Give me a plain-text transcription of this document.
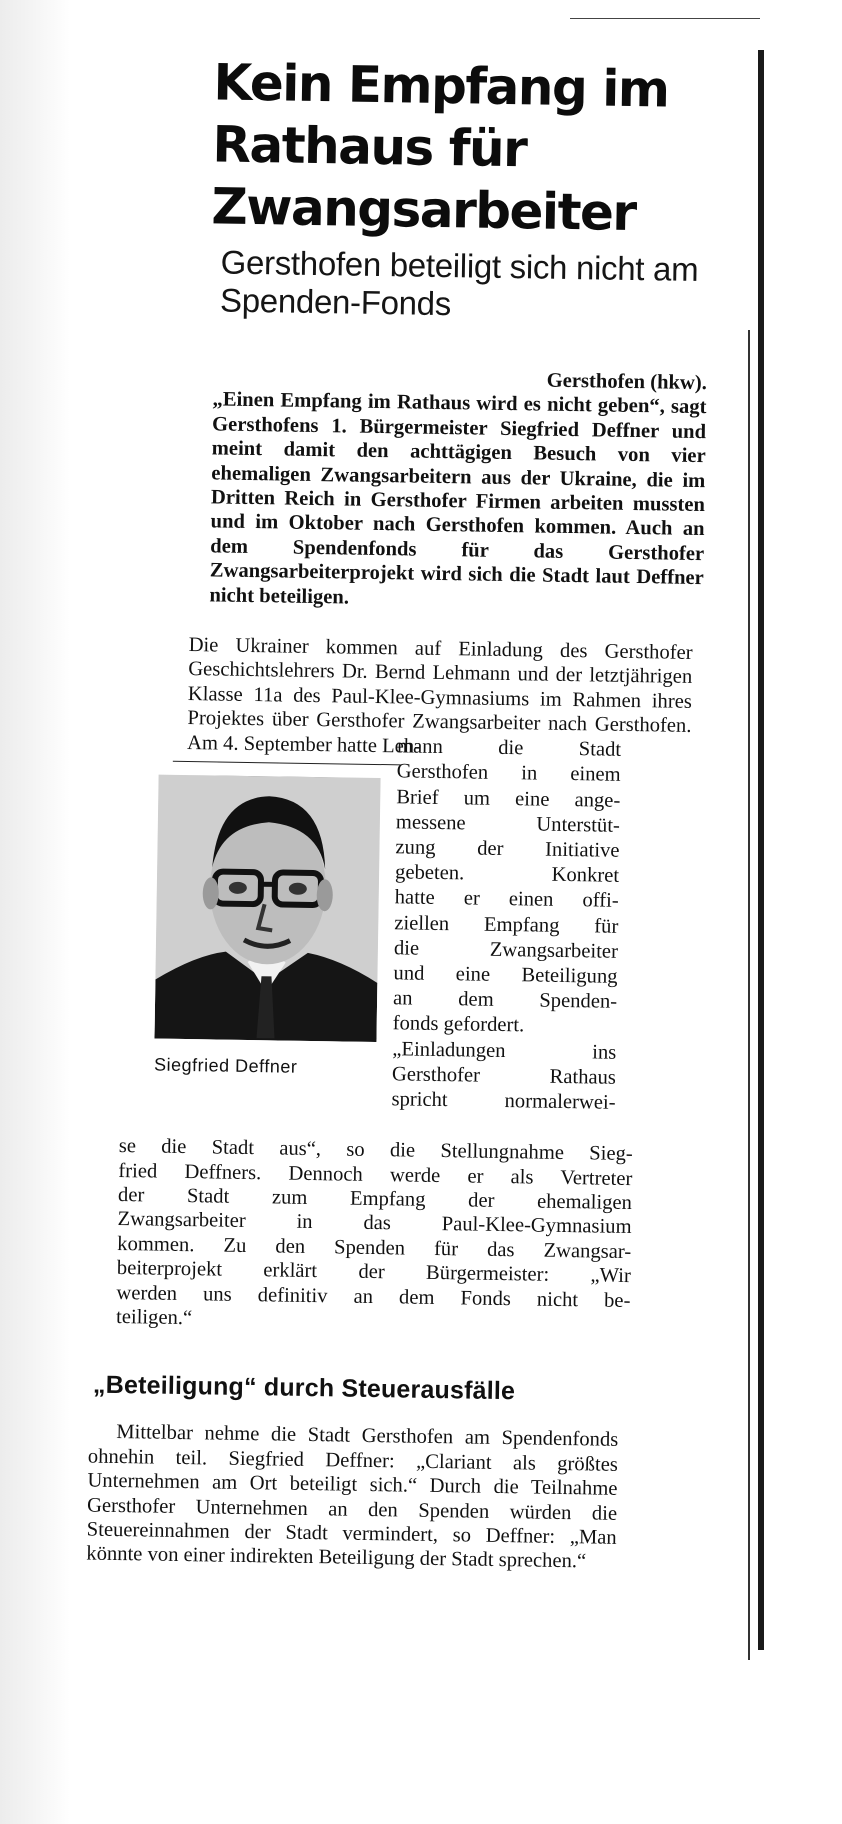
Kein Empfang im Rathaus für Zwangsarbeiter
Gersthofen beteiligt sich nicht am Spenden-Fonds
Gersthofen (hkw).
„Einen Empfang im Rathaus wird es nicht geben“, sagt Gersthofens 1. Bürgermeister Siegfried Deffner und meint damit den achttägigen Besuch von vier ehemaligen Zwangsarbeitern aus der Ukraine, die im Dritten Reich in Gersthofer Firmen arbeiten mussten und im Oktober nach Gersthofen kommen. Auch an dem Spendenfonds für das Gersthofer Zwangsarbeiterprojekt wird sich die Stadt laut Deffner nicht beteiligen.
Die Ukrainer kommen auf Einladung des Gersthofer Geschichtslehrers Dr. Bernd Lehmann und der letztjährigen Klasse 11a des Paul-Klee-Gymnasiums im Rahmen ihres Projektes über Gersthofer Zwangsarbeiter nach Gersthofen. Am 4. September hatte Leh-
Siegfried Deffner
mann die Stadt
Gersthofen in einem
Brief um eine ange-
messene Unterstüt-
zung der Initiative
gebeten. Konkret
hatte er einen offi-
ziellen Empfang für
die Zwangsarbeiter
und eine Beteiligung
an dem Spenden-
fonds gefordert.
„Einladungen ins
Gersthofer Rathaus
spricht normalerwei-
se die Stadt aus“, so die Stellungnahme Sieg-
fried Deffners. Dennoch werde er als Vertreter
der Stadt zum Empfang der ehemaligen
Zwangsarbeiter in das Paul-Klee-Gymnasium
kommen. Zu den Spenden für das Zwangsar-
beiterprojekt erklärt der Bürgermeister: „Wir
werden uns definitiv an dem Fonds nicht be-
teiligen.“
„Beteiligung“ durch Steuerausfälle
Mittelbar nehme die Stadt Gersthofen am Spendenfonds ohnehin teil. Siegfried Deffner: „Clariant als größtes Unternehmen am Ort beteiligt sich.“ Durch die Teilnahme Gersthofer Unternehmen an den Spenden würden die Steuereinnahmen der Stadt vermindert, so Deffner: „Man könnte von einer indirekten Beteiligung der Stadt sprechen.“
